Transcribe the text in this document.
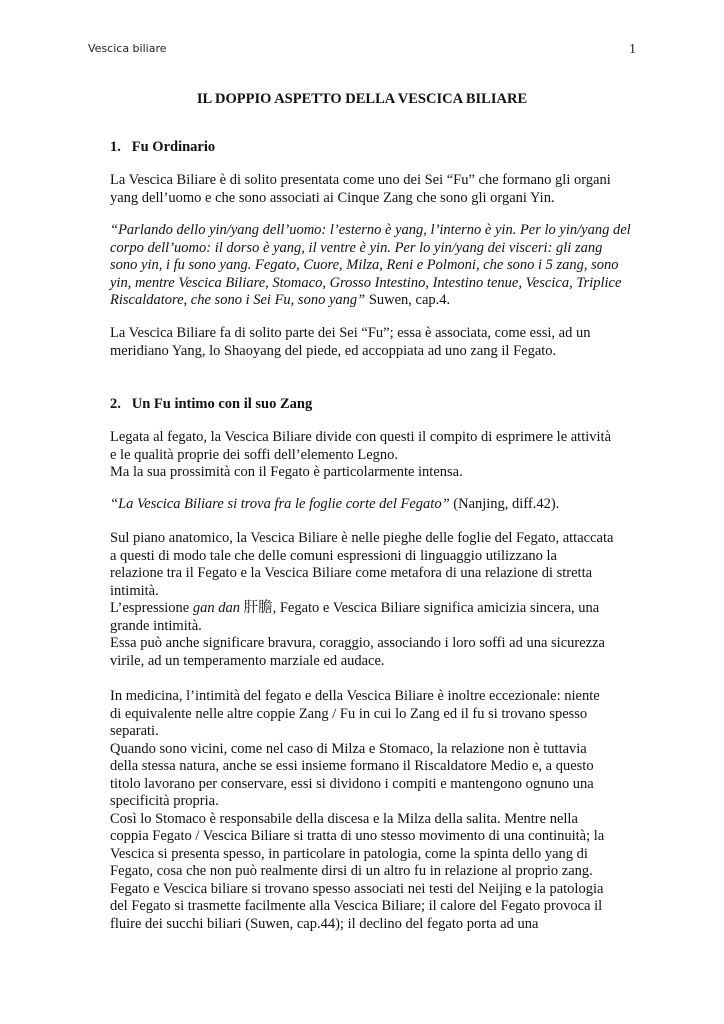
Vescica biliare	1
IL DOPPIO ASPETTO DELLA VESCICA BILIARE
1.   Fu Ordinario

La Vescica Biliare è di solito presentata come uno dei Sei “Fu” che formano gli organi
yang dell’uomo e che sono associati ai Cinque Zang che sono gli organi Yin.

“Parlando dello yin/yang dell’uomo: l’esterno è yang, l’interno è yin. Per lo yin/yang del
corpo dell’uomo: il dorso è yang, il ventre è yin. Per lo yin/yang dei visceri: gli zang
sono yin, i fu sono yang. Fegato, Cuore, Milza, Reni e Polmoni, che sono i 5 zang, sono
yin, mentre Vescica Biliare, Stomaco, Grosso Intestino, Intestino tenue, Vescica, Triplice
Riscaldatore, che sono i Sei Fu, sono yang” Suwen, cap.4.

La Vescica Biliare fa di solito parte dei Sei “Fu”; essa è associata, come essi, ad un
meridiano Yang, lo Shaoyang del piede, ed accoppiata ad uno zang il Fegato.

2.   Un Fu intimo con il suo Zang

Legata al fegato, la Vescica Biliare divide con questi il compito di esprimere le attività
e le qualità proprie dei soffi dell’elemento Legno.
Ma la sua prossimità con il Fegato è particolarmente intensa.

“La Vescica Biliare si trova fra le foglie corte del Fegato” (Nanjing, diff.42).

Sul piano anatomico, la Vescica Biliare è nelle pieghe delle foglie del Fegato, attaccata
a questi di modo tale che delle comuni espressioni di linguaggio utilizzano la
relazione tra il Fegato e la Vescica Biliare come metafora di una relazione di stretta
intimità.
L’espressione gan dan 肝膽, Fegato e Vescica Biliare significa amicizia sincera, una
grande intimità.
Essa può anche significare bravura, coraggio, associando i loro soffi ad una sicurezza
virile, ad un temperamento marziale ed audace.

In medicina, l’intimità del fegato e della Vescica Biliare è inoltre eccezionale: niente
di equivalente nelle altre coppie Zang / Fu in cui lo Zang ed il fu si trovano spesso
separati.
Quando sono vicini, come nel caso di Milza e Stomaco, la relazione non è tuttavia
della stessa natura, anche se essi insieme formano il Riscaldatore Medio e, a questo
titolo lavorano per conservare, essi si dividono i compiti e mantengono ognuno una
specificità propria.
Così lo Stomaco è responsabile della discesa e la Milza della salita. Mentre nella
coppia Fegato / Vescica Biliare si tratta di uno stesso movimento di una continuità; la
Vescica si presenta spesso, in particolare in patologia, come la spinta dello yang di
Fegato, cosa che non può realmente dirsi di un altro fu in relazione al proprio zang.
Fegato e Vescica biliare si trovano spesso associati nei testi del Neijing e la patologia
del Fegato si trasmette facilmente alla Vescica Biliare; il calore del Fegato provoca il
fluire dei succhi biliari (Suwen, cap.44); il declino del fegato porta ad una
